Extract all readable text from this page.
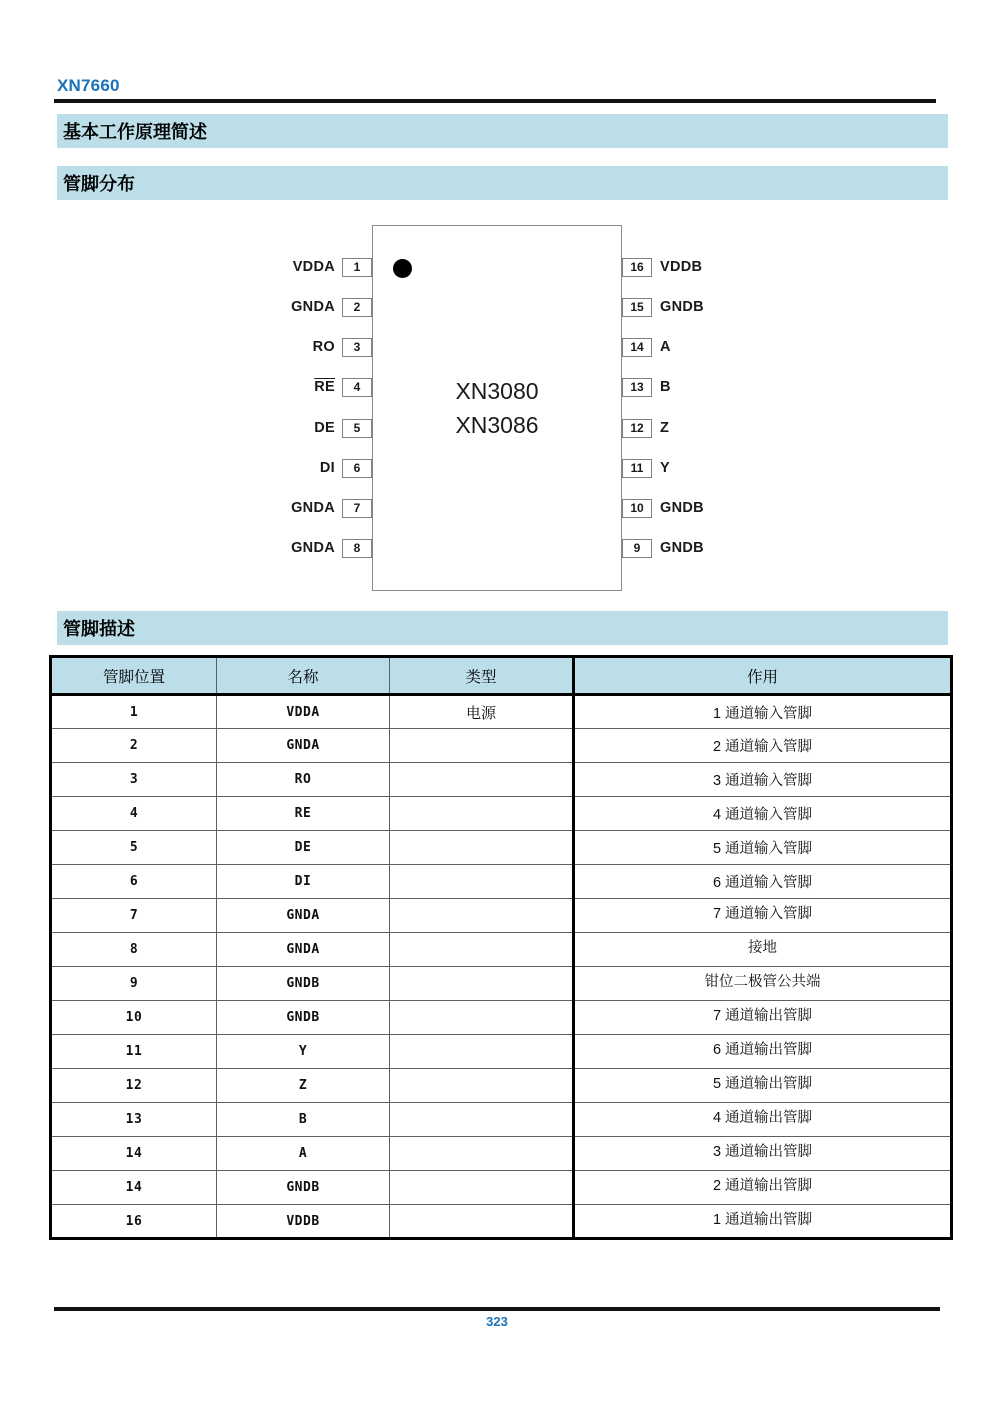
XN7660
基本工作原理简述
管脚分布
XN3080
XN3086
VDDA	1
GNDA	2
RO	3
$\overline{RE}$	4
DE	5
DI	6
GNDA	7
GNDA	8
16	VDDB
15	GNDB
14	A
13	B
12	Z
11	Y
10	GNDB
9	GNDB
管脚描述
管脚位置	名称	类型	作用
1	VDDA	电源	1 通道输入管脚
2	GNDA		2 通道输入管脚
3	RO		3 通道输入管脚
4	RE		4 通道输入管脚
5	DE		5 通道输入管脚
6	DI		6 通道输入管脚
7	GNDA		7 通道输入管脚
8	GNDA		接地
9	GNDB		钳位二极管公共端
10	GNDB		7 通道输出管脚
11	Y		6 通道输出管脚
12	Z		5 通道输出管脚
13	B		4 通道输出管脚
14	A		3 通道输出管脚
14	GNDB		2 通道输出管脚
16	VDDB		1 通道输出管脚
323
